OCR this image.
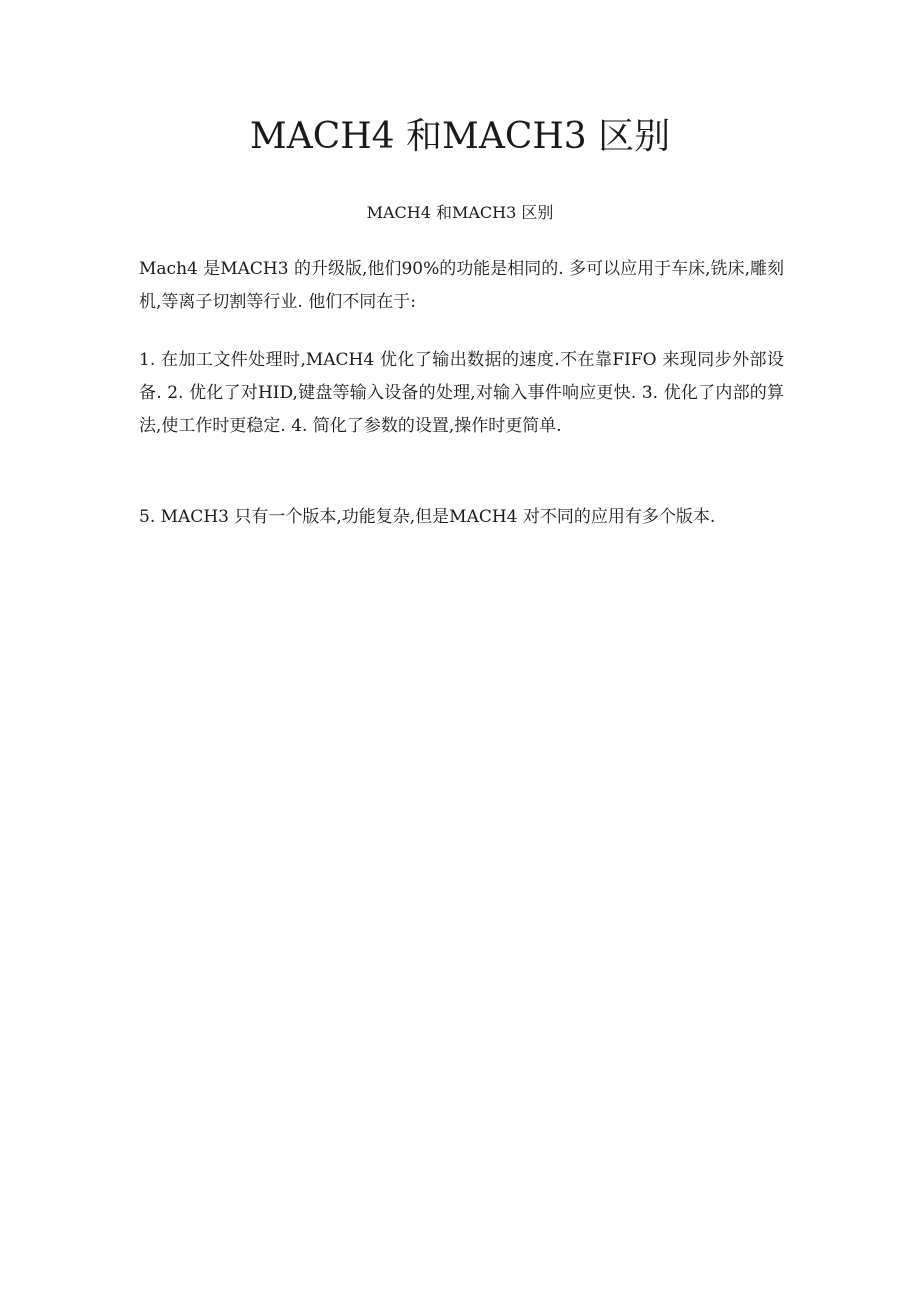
MACH4 和MACH3 区别
MACH4 和MACH3 区别

Mach4 是MACH3 的升级版,他们90%的功能是相同的. 多可以应用于车床,铣床,雕刻机,等离子切割等行业. 他们不同在于:

1. 在加工文件处理时,MACH4 优化了输出数据的速度.不在靠FIFO 来现同步外部设备. 2. 优化了对HID,键盘等输入设备的处理,对输入事件响应更快. 3. 优化了内部的算法,使工作时更稳定. 4. 简化了参数的设置,操作时更简单.

5. MACH3 只有一个版本,功能复杂,但是MACH4 对不同的应用有多个版本.
